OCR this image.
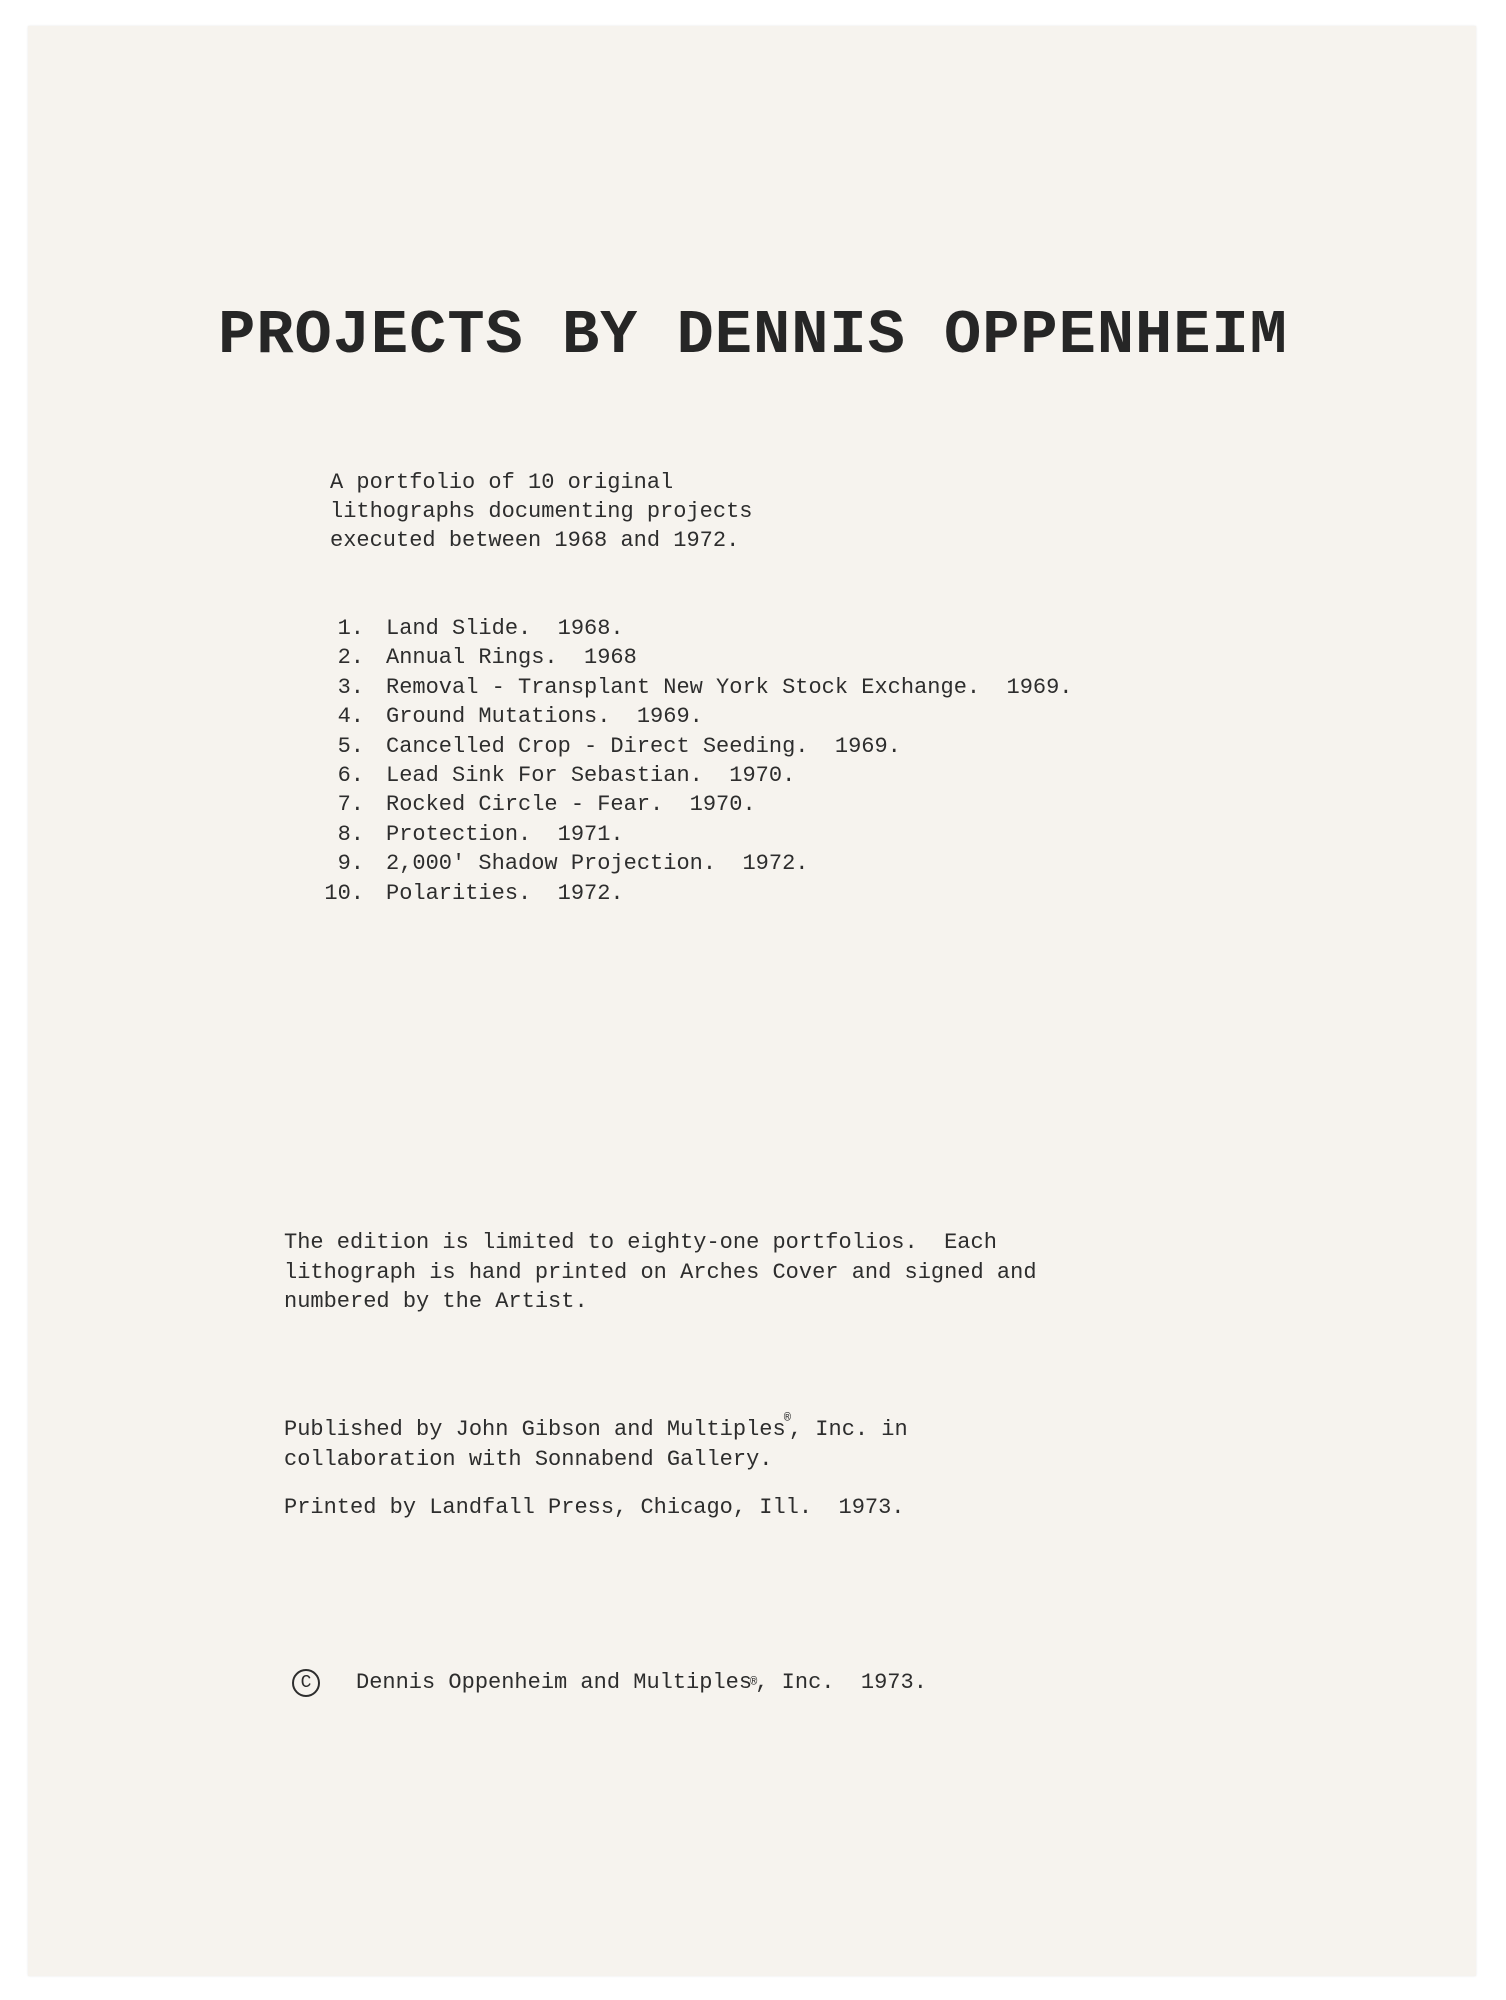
PROJECTS BY DENNIS OPPENHEIM
A portfolio of 10 original
lithographs documenting projects
executed between 1968 and 1972.
1. Land Slide.  1968.
2. Annual Rings.  1968
3. Removal - Transplant New York Stock Exchange.  1969.
4. Ground Mutations.  1969.
5. Cancelled Crop - Direct Seeding.  1969.
6. Lead Sink For Sebastian.  1970.
7. Rocked Circle - Fear.  1970.
8. Protection.  1971.
9. 2,000' Shadow Projection.  1972.
10. Polarities.  1972.
The edition is limited to eighty-one portfolios.  Each
lithograph is hand printed on Arches Cover and signed and
numbered by the Artist.
Published by John Gibson and Multiples®, Inc. in
collaboration with Sonnabend Gallery.
Printed by Landfall Press, Chicago, Ill.  1973.
C	Dennis Oppenheim and Multiples
®
, Inc.  1973.
